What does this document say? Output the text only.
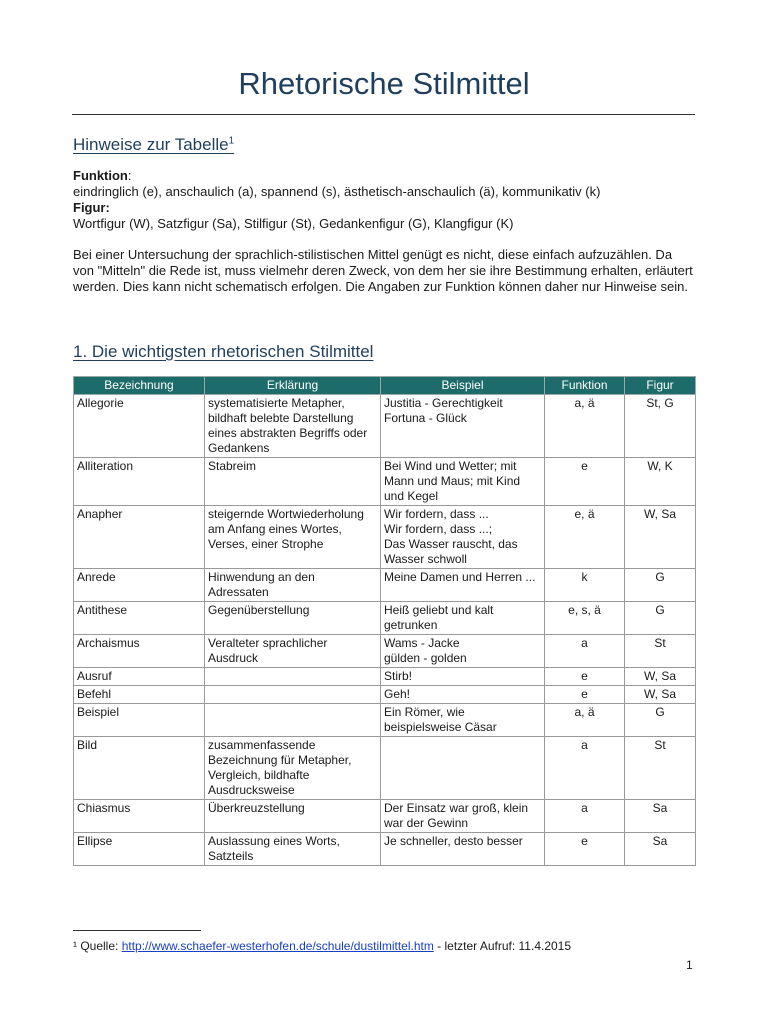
Rhetorische Stilmittel
Hinweise zur Tabelle$^1$

Funktion:
eindringlich (e), anschaulich (a), spannend (s), ästhetisch-anschaulich (ä), kommunikativ (k)
Figur:
Wortfigur (W), Satzfigur (Sa), Stilfigur (St), Gedankenfigur (G), Klangfigur (K)

Bei einer Untersuchung der sprachlich-stilistischen Mittel genügt es nicht, diese einfach aufzuzählen. Da von "Mitteln" die Rede ist, muss vielmehr deren Zweck, von dem her sie ihre Bestimmung erhalten, erläutert werden. Dies kann nicht schematisch erfolgen. Die Angaben zur Funktion können daher nur Hinweise sein.

1. Die wichtigsten rhetorischen Stilmittel
Bezeichnung	Erklärung	Beispiel	Funktion	Figur
Allegorie	systematisierte Metapher, bildhaft belebte Darstellung eines abstrakten Begriffs oder Gedankens	Justitia - Gerechtigkeit
Fortuna - Glück	a, ä	St, G
Alliteration	Stabreim	Bei Wind und Wetter; mit Mann und Maus; mit Kind und Kegel	e	W, K
Anapher	steigernde Wortwiederholung am Anfang eines Wortes, Verses, einer Strophe	Wir fordern, dass ...
Wir fordern, dass ...;
Das Wasser rauscht, das Wasser schwoll	e, ä	W, Sa
Anrede	Hinwendung an den Adressaten	Meine Damen und Herren ...	k	G
Antithese	Gegenüberstellung	Heiß geliebt und kalt getrunken	e, s, ä	G
Archaismus	Veralteter sprachlicher Ausdruck	Wams - Jacke
gülden - golden	a	St
Ausruf		Stirb!	e	W, Sa
Befehl		Geh!	e	W, Sa
Beispiel		Ein Römer, wie beispielsweise Cäsar	a, ä	G
Bild	zusammenfassende Bezeichnung für Metapher, Vergleich, bildhafte Ausdrucksweise		a	St
Chiasmus	Überkreuzstellung	Der Einsatz war groß, klein war der Gewinn	a	Sa
Ellipse	Auslassung eines Worts, Satzteils	Je schneller, desto besser	e	Sa
¹ Quelle: http://www.schaefer-westerhofen.de/schule/dustilmittel.htm - letzter Aufruf: 11.4.2015
1
